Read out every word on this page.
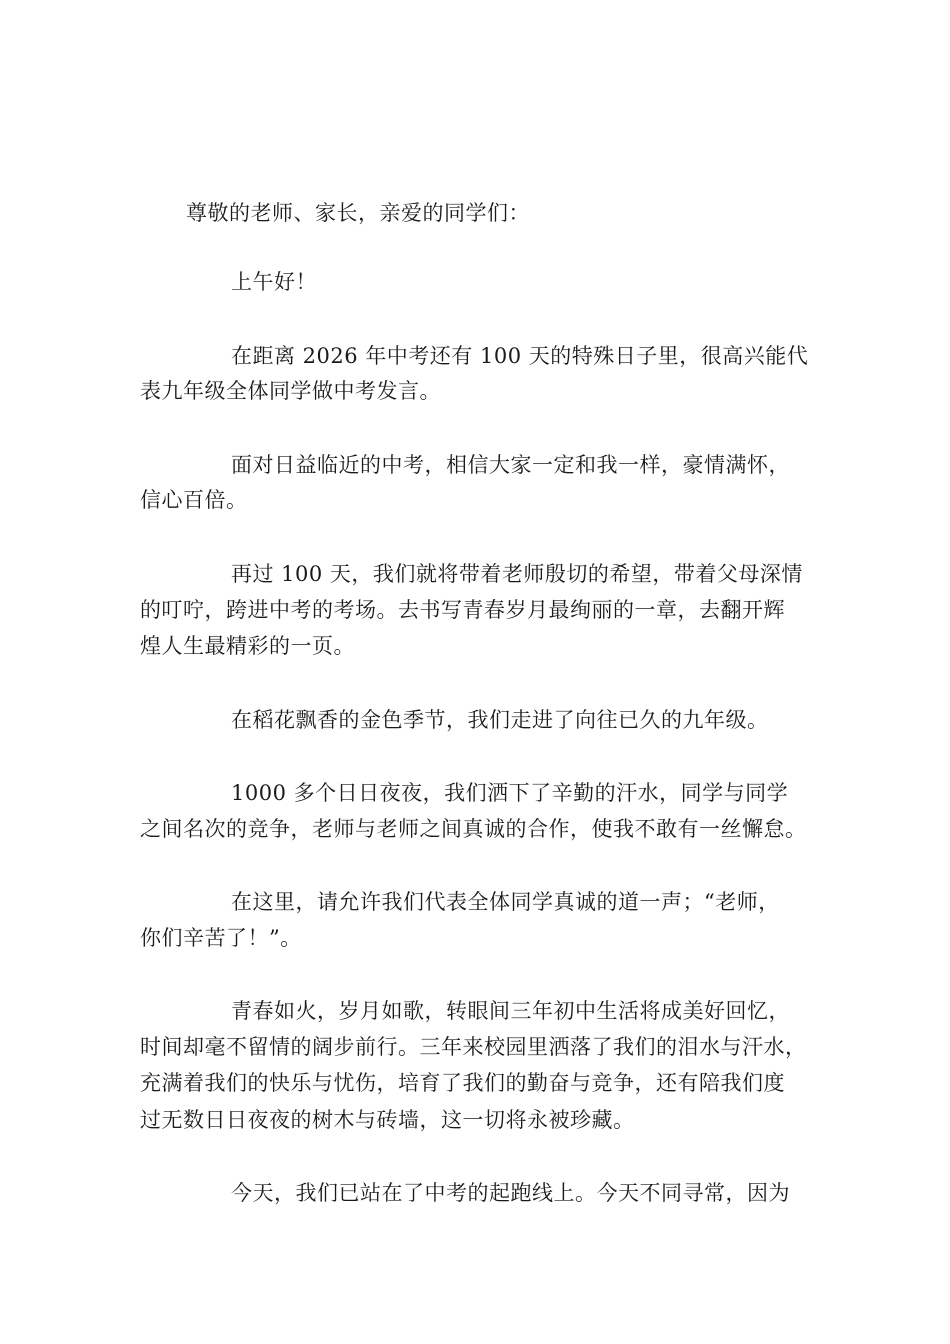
尊敬的老师、家长，亲爱的同学们：
上午好！
在距离 2026 年中考还有 100 天的特殊日子里，很高兴能代
表九年级全体同学做中考发言。
面对日益临近的中考，相信大家一定和我一样，豪情满怀，
信心百倍。
再过 100 天，我们就将带着老师殷切的希望，带着父母深情
的叮咛，跨进中考的考场。去书写青春岁月最绚丽的一章，去翻开辉
煌人生最精彩的一页。
在稻花飘香的金色季节，我们走进了向往已久的九年级。
1000 多个日日夜夜，我们洒下了辛勤的汗水，同学与同学
之间名次的竞争，老师与老师之间真诚的合作，使我不敢有一丝懈怠。
在这里，请允许我们代表全体同学真诚的道一声；“老师，
你们辛苦了！”。
青春如火，岁月如歌，转眼间三年初中生活将成美好回忆，
时间却毫不留情的阔步前行。三年来校园里洒落了我们的泪水与汗水，
充满着我们的快乐与忧伤，培育了我们的勤奋与竞争，还有陪我们度
过无数日日夜夜的树木与砖墙，这一切将永被珍藏。
今天，我们已站在了中考的起跑线上。今天不同寻常，因为
